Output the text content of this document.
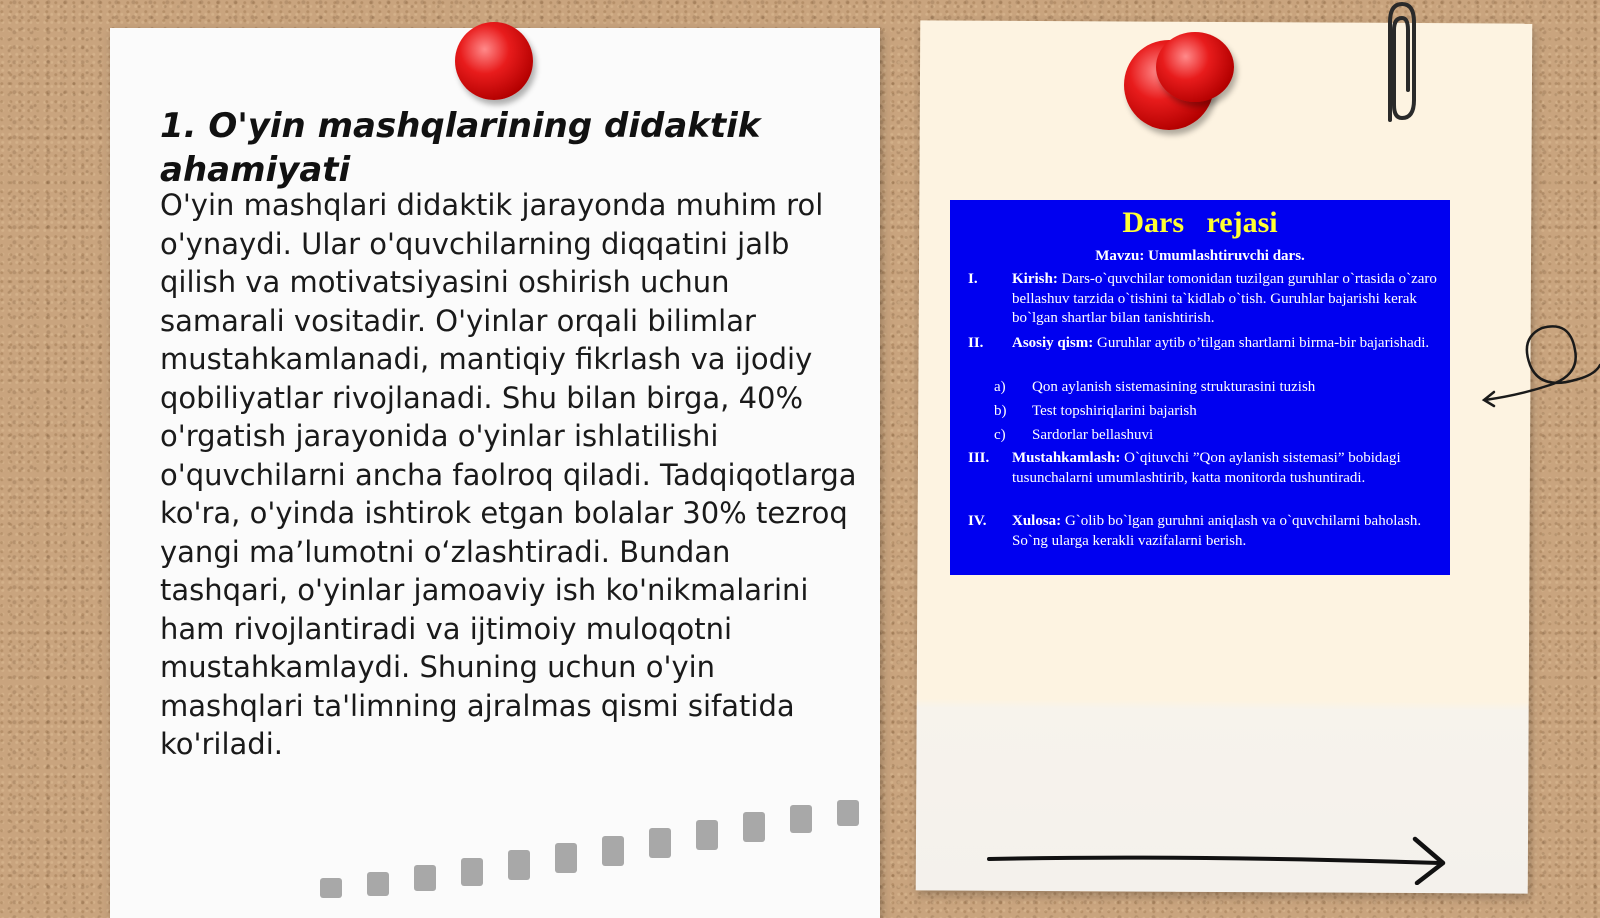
1. O'yin mashqlarining didaktik ahamiyati

O'yin mashqlari didaktik jarayonda muhim rol o'ynaydi. Ular o'quvchilarning diqqatini jalb qilish va motivatsiyasini oshirish uchun samarali vositadir. O'yinlar orqali bilimlar mustahkamlanadi, mantiqiy fikrlash va ijodiy qobiliyatlar rivojlanadi. Shu bilan birga, 40% o'rgatish jarayonida o'yinlar ishlatilishi o'quvchilarni ancha faolroq qiladi. Tadqiqotlarga ko'ra, o'yinda ishtirok etgan bolalar 30% tezroq yangi ma’lumotni o‘zlashtiradi. Bundan tashqari, o'yinlar jamoaviy ish ko'nikmalarini ham rivojlantiradi va ijtimoiy muloqotni mustahkamlaydi. Shuning uchun o'yin mashqlari ta'limning ajralmas qismi sifatida ko'riladi.

Dars   rejasi
Mavzu: Umumlashtiruvchi dars.
I. Kirish: Dars-o`quvchilar tomonidan tuzilgan guruhlar o`rtasida o`zaro bellashuv tarzida o`tishini ta`kidlab o`tish. Guruhlar bajarishi kerak bo`lgan shartlar bilan tanishtirish.
II. Asosiy qism: Guruhlar aytib o’tilgan shartlarni birma-bir bajarishadi.
a) Qon aylanish sistemasining strukturasini tuzish
b) Test topshiriqlarini bajarish
c) Sardorlar bellashuvi
III. Mustahkamlash: O`qituvchi ”Qon aylanish sistemasi” bobidagi tusunchalarni umumlashtirib, katta monitorda tushuntiradi.
IV. Xulosa: G`olib bo`lgan guruhni aniqlash va o`quvchilarni baholash. So`ng ularga kerakli vazifalarni berish.
